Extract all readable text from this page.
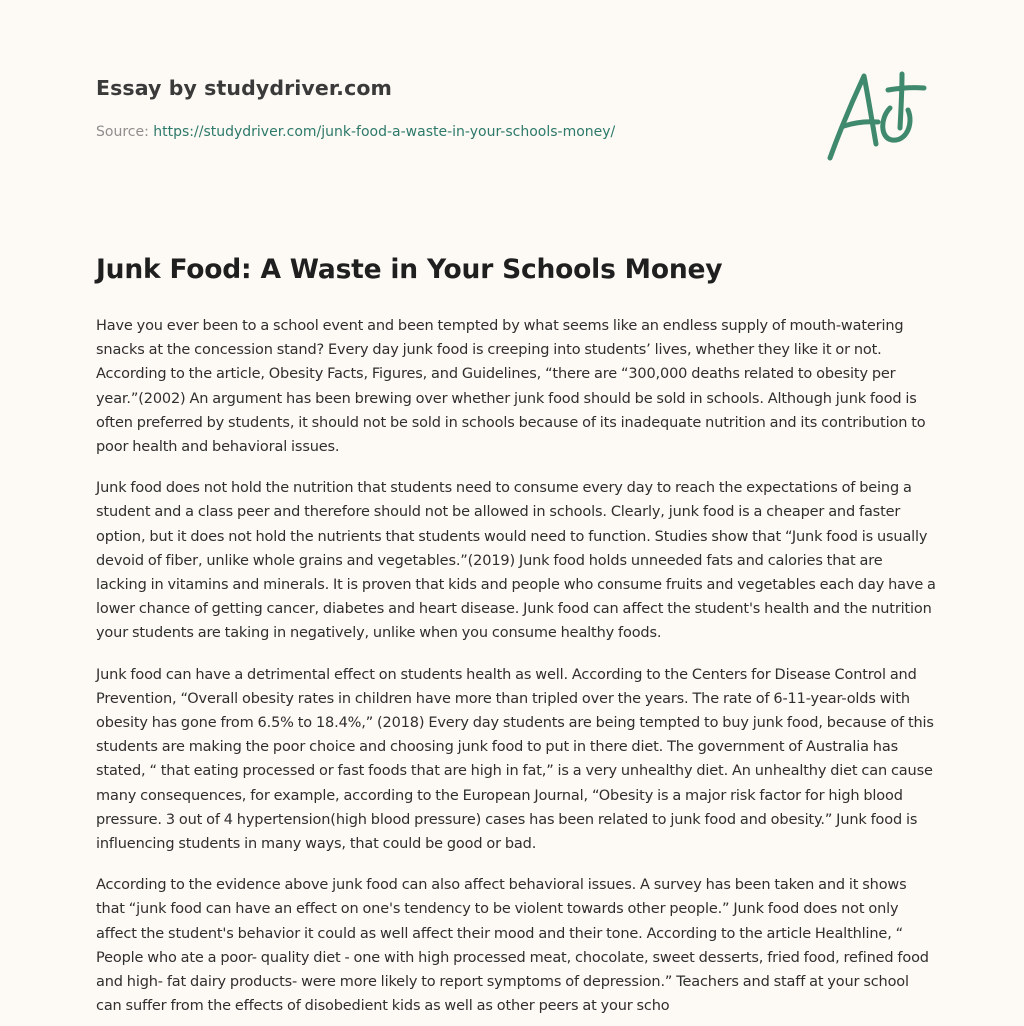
Essay by studydriver.com
Source: https://studydriver.com/junk-food-a-waste-in-your-schools-money/
Junk Food: A Waste in Your Schools Money

Have you ever been to a school event and been tempted by what seems like an endless supply of mouth-watering snacks at the concession stand? Every day junk food is creeping into students’ lives, whether they like it or not. According to the article, Obesity Facts, Figures, and Guidelines, “there are “300,000 deaths related to obesity per year.”(2002) An argument has been brewing over whether junk food should be sold in schools. Although junk food is often preferred by students, it should not be sold in schools because of its inadequate nutrition and its contribution to poor health and behavioral issues.

Junk food does not hold the nutrition that students need to consume every day to reach the expectations of being a student and a class peer and therefore should not be allowed in schools. Clearly, junk food is a cheaper and faster option, but it does not hold the nutrients that students would need to function. Studies show that “Junk food is usually devoid of fiber, unlike whole grains and vegetables.”(2019) Junk food holds unneeded fats and calories that are lacking in vitamins and minerals. It is proven that kids and people who consume fruits and vegetables each day have a lower chance of getting cancer, diabetes and heart disease. Junk food can affect the student's health and the nutrition your students are taking in negatively, unlike when you consume healthy foods.

Junk food can have a detrimental effect on students health as well. According to the Centers for Disease Control and Prevention, “Overall obesity rates in children have more than tripled over the years. The rate of 6-11-year-olds with obesity has gone from 6.5% to 18.4%,” (2018) Every day students are being tempted to buy junk food, because of this students are making the poor choice and choosing junk food to put in there diet. The government of Australia has stated, “ that eating processed or fast foods that are high in fat,” is a very unhealthy diet. An unhealthy diet can cause many consequences, for example, according to the European Journal, “Obesity is a major risk factor for high blood pressure. 3 out of 4 hypertension(high blood pressure) cases has been related to junk food and obesity.” Junk food is influencing students in many ways, that could be good or bad.

According to the evidence above junk food can also affect behavioral issues. A survey has been taken and it shows that “junk food can have an effect on one's tendency to be violent towards other people.” Junk food does not only affect the student's behavior it could as well affect their mood and their tone. According to the article Healthline, “ People who ate a poor- quality diet - one with high processed meat, chocolate, sweet desserts, fried food, refined food and high- fat dairy products- were more likely to report symptoms of depression.” Teachers and staff at your school can suffer from the effects of disobedient kids as well as other peers at your scho
